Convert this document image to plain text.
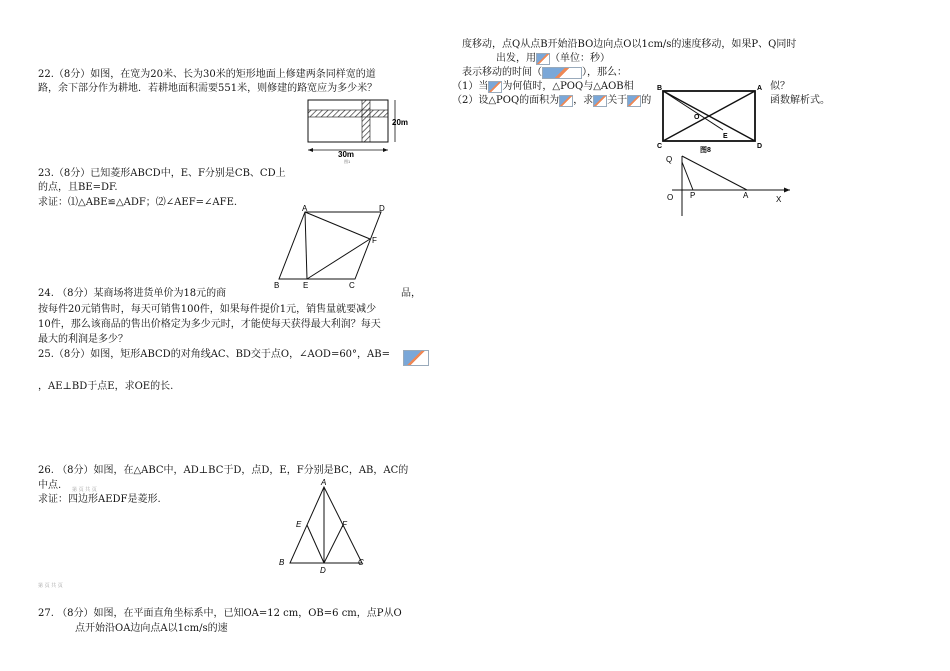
22.（8分）如图，在宽为20米、长为30米的矩形地面上修建两条同样宽的道
路，余下部分作为耕地．若耕地面积需要551米，则修建的路宽应为多少米？
20m
30m
图1
23.（8分）已知菱形ABCD中，E、F分别是CB、CD上
的点，且BE=DF.
求证：⑴△ABE≌△ADF；⑵∠AEF=∠AFE.
A	D
F
B	E	C
24. （8分）某商场将进货单价为18元的商	品，
按每件20元销售时，每天可销售100件，如果每件提价1元，销售量就要减少
10件，那么该商品的售出价格定为多少元时，才能使每天获得最大利润？每天
最大的利润是多少？
25.（8分）如图，矩形ABCD的对角线AC、BD交于点O，∠AOD=60°，AB=
，AE⊥BD于点E，求OE的长.
26. （8分）如图，在△ABC中，AD⊥BC于D，点D，E，F分别是BC，AB，AC的
中点. 第 页 共 页
求证：四边形AEDF是菱形.
A
E	F
B
D
C
第 页 共 页
27. （8分）如图，在平面直角坐标系中，已知OA=12 cm，OB=6 cm，点P从O
点开始沿OA边向点A以1cm/s的速
度移动，点Q从点B开始沿BO边向点O以1cm/s的速度移动，如果P、Q同时
出发，用 （单位：秒）
表示移动的时间（	），那么：
（1）当 为何值时，△POQ与△AOB相	似？
（2）设△POQ的面积为 ，求 关于 的	函数解析式。
B	A
O
E
C	D
图8
Q
O P	A	X
